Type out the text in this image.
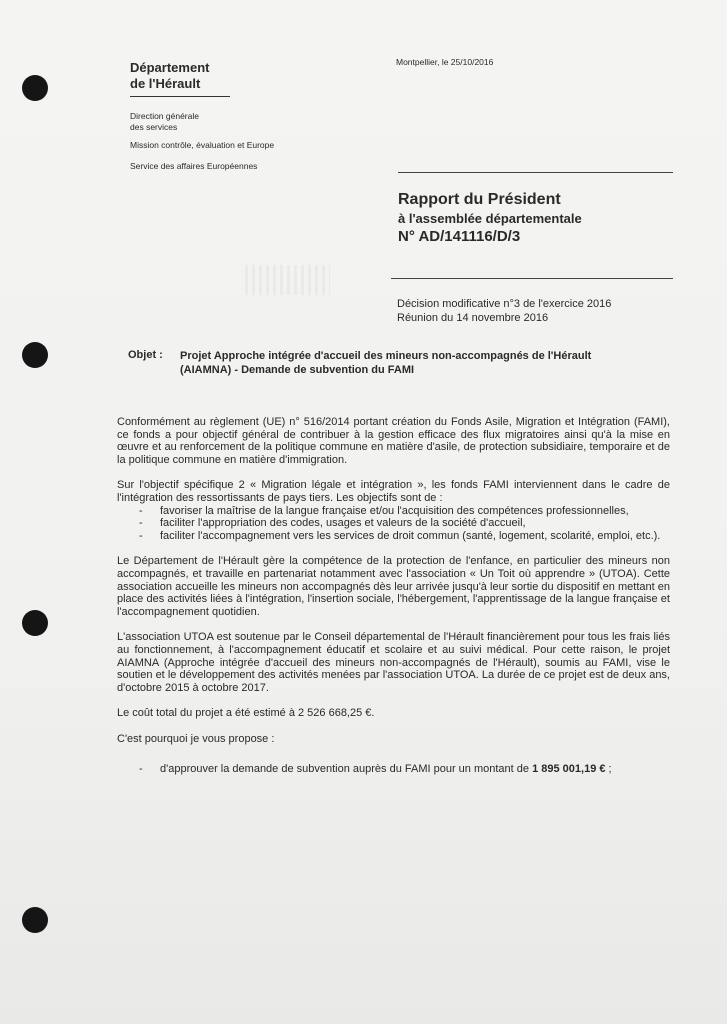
Département
de l'Hérault
Direction générale
des services
Mission contrôle, évaluation et Europe
Service des affaires Européennes
Montpellier, le 25/10/2016
Rapport du Président
à l'assemblée départementale
N° AD/141116/D/3
Décision modificative n°3 de l'exercice 2016
Réunion du 14 novembre 2016
Objet : Projet Approche intégrée d'accueil des mineurs non-accompagnés de l'Hérault (AIAMNA) - Demande de subvention du FAMI

Conformément au règlement (UE) n° 516/2014 portant création du Fonds Asile, Migration et Intégration (FAMI), ce fonds a pour objectif général de contribuer à la gestion efficace des flux migratoires ainsi qu'à la mise en œuvre et au renforcement de la politique commune en matière d'asile, de protection subsidiaire, temporaire et de la politique commune en matière d'immigration.

Sur l'objectif spécifique 2 « Migration légale et intégration », les fonds FAMI interviennent dans le cadre de l'intégration des ressortissants de pays tiers. Les objectifs sont de :

- favoriser la maîtrise de la langue française et/ou l'acquisition des compétences professionnelles,
- faciliter l'appropriation des codes, usages et valeurs de la société d'accueil,
- faciliter l'accompagnement vers les services de droit commun (santé, logement, scolarité, emploi, etc.).

Le Département de l'Hérault gère la compétence de la protection de l'enfance, en particulier des mineurs non accompagnés, et travaille en partenariat notamment avec l'association « Un Toit où apprendre » (UTOA). Cette association accueille les mineurs non accompagnés dès leur arrivée jusqu'à leur sortie du dispositif en mettant en place des activités liées à l'intégration, l'insertion sociale, l'hébergement, l'apprentissage de la langue française et l'accompagnement quotidien.

L'association UTOA est soutenue par le Conseil départemental de l'Hérault financièrement pour tous les frais liés au fonctionnement, à l'accompagnement éducatif et scolaire et au suivi médical. Pour cette raison, le projet AIAMNA (Approche intégrée d'accueil des mineurs non-accompagnés de l'Hérault), soumis au FAMI, vise le soutien et le développement des activités menées par l'association UTOA. La durée de ce projet est de deux ans, d'octobre 2015 à octobre 2017.

Le coût total du projet a été estimé à 2 526 668,25 €.

C'est pourquoi je vous propose :

- d'approuver la demande de subvention auprès du FAMI pour un montant de 1 895 001,19 € ;
